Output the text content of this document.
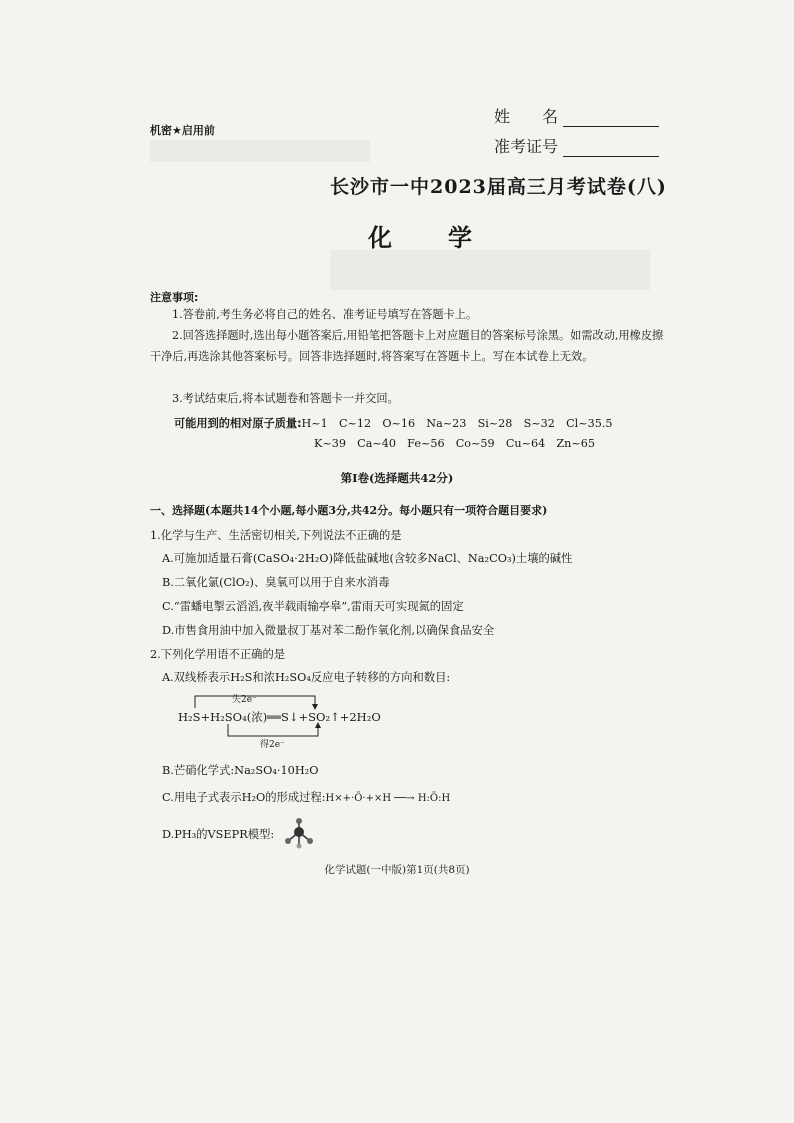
机密★启用前
姓　　名
准考证号
长沙市一中2023届高三月考试卷(八)
化　学
注意事项:
1.答卷前,考生务必将自己的姓名、准考证号填写在答题卡上。
2.回答选择题时,选出每小题答案后,用铅笔把答题卡上对应题目的答案标号涂黑。如需改动,用橡皮擦干净后,再选涂其他答案标号。回答非选择题时,将答案写在答题卡上。写在本试卷上无效。
3.考试结束后,将本试题卷和答题卡一并交回。
可能用到的相对原子质量:H~1　C~12　O~16　Na~23　Si~28　S~32　Cl~35.5
K~39　Ca~40　Fe~56　Co~59　Cu~64　Zn~65
第Ⅰ卷(选择题共42分)
一、选择题(本题共14个小题,每小题3分,共42分。每小题只有一项符合题目要求)
1.化学与生产、生活密切相关,下列说法不正确的是
A.可施加适量石膏(CaSO₄·2H₂O)降低盐碱地(含较多NaCl、Na₂CO₃)土壤的碱性
B.二氧化氯(ClO₂)、臭氧可以用于自来水消毒
C.“雷蟠电掣云滔滔,夜半载雨输亭皋”,雷雨天可实现氮的固定
D.市售食用油中加入微量叔丁基对苯二酚作氧化剂,以确保食品安全
2.下列化学用语不正确的是
A.双线桥表示H₂S和浓H₂SO₄反应电子转移的方向和数目:
失2e⁻
H₂S+H₂SO₄(浓)══S↓+SO₂↑+2H₂O
得2e⁻
B.芒硝化学式:Na₂SO₄·10H₂O
C.用电子式表示H₂O的形成过程:H×+·Ö·+×H ──→ H:Ö:H
D.PH₃的VSEPR模型:
化学试题(一中版)第1页(共8页)
